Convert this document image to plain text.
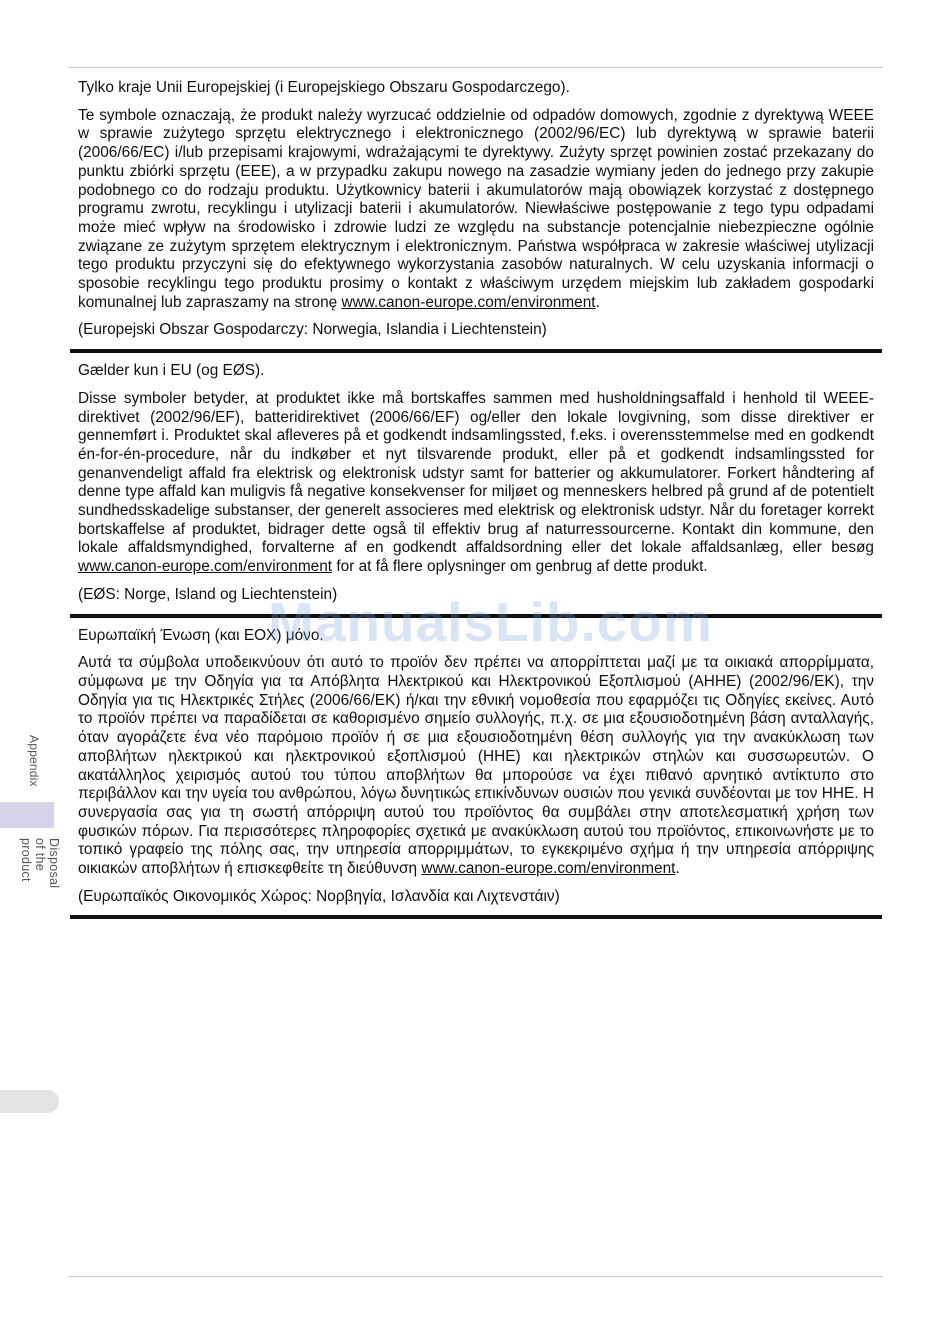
Tylko kraje Unii Europejskiej (i Europejskiego Obszaru Gospodarczego).

Te symbole oznaczają, że produkt należy wyrzucać oddzielnie od odpadów domowych, zgodnie z dyrektywą WEEE w sprawie zużytego sprzętu elektrycznego i elektronicznego (2002/96/EC) lub dyrektywą w sprawie baterii (2006/66/EC) i/lub przepisami krajowymi, wdrażającymi te dyrektywy. Zużyty sprzęt powinien zostać przekazany do punktu zbiórki sprzętu (EEE), a w przypadku zakupu nowego na zasadzie wymiany jeden do jednego przy zakupie podobnego co do rodzaju produktu. Użytkownicy baterii i akumulatorów mają obowiązek korzystać z dostępnego programu zwrotu, recyklingu i utylizacji baterii i akumulatorów. Niewłaściwe postępowanie z tego typu odpadami może mieć wpływ na środowisko i zdrowie ludzi ze względu na substancje potencjalnie niebezpieczne ogólnie związane ze zużytym sprzętem elektrycznym i elektronicznym. Państwa współpraca w zakresie właściwej utylizacji tego produktu przyczyni się do efektywnego wykorzystania zasobów naturalnych. W celu uzyskania informacji o sposobie recyklingu tego produktu prosimy o kontakt z właściwym urzędem miejskim lub zakładem gospodarki komunalnej lub zapraszamy na stronę www.canon-europe.com/environment.

(Europejski Obszar Gospodarczy: Norwegia, Islandia i Liechtenstein)

Gælder kun i EU (og EØS).

Disse symboler betyder, at produktet ikke må bortskaffes sammen med husholdningsaffald i henhold til WEEE-direktivet (2002/96/EF), batteridirektivet (2006/66/EF) og/eller den lokale lovgivning, som disse direktiver er gennemført i. Produktet skal afleveres på et godkendt indsamlingssted, f.eks. i overensstemmelse med en godkendt én-for-én-procedure, når du indkøber et nyt tilsvarende produkt, eller på et godkendt indsamlingssted for genanvendeligt affald fra elektrisk og elektronisk udstyr samt for batterier og akkumulatorer. Forkert håndtering af denne type affald kan muligvis få negative konsekvenser for miljøet og menneskers helbred på grund af de potentielt sundhedsskadelige substanser, der generelt associeres med elektrisk og elektronisk udstyr. Når du foretager korrekt bortskaffelse af produktet, bidrager dette også til effektiv brug af naturressourcerne. Kontakt din kommune, den lokale affaldsmyndighed, forvalterne af en godkendt affaldsordning eller det lokale affaldsanlæg, eller besøg www.canon-europe.com/environment for at få flere oplysninger om genbrug af dette produkt.

(EØS: Norge, Island og Liechtenstein)

Ευρωπαϊκή Ένωση (και ΕΟΧ) μόνο.

Αυτά τα σύμβολα υποδεικνύουν ότι αυτό το προϊόν δεν πρέπει να απορρίπτεται μαζί με τα οικιακά απορρίμματα, σύμφωνα με την Οδηγία για τα Απόβλητα Ηλεκτρικού και Ηλεκτρονικού Εξοπλισμού (ΑΗΗΕ) (2002/96/ΕΚ), την Οδηγία για τις Ηλεκτρικές Στήλες (2006/66/ΕΚ) ή/και την εθνική νομοθεσία που εφαρμόζει τις Οδηγίες εκείνες. Αυτό το προϊόν πρέπει να παραδίδεται σε καθορισμένο σημείο συλλογής, π.χ. σε μια εξουσιοδοτημένη βάση ανταλλαγής, όταν αγοράζετε ένα νέο παρόμοιο προϊόν ή σε μια εξουσιοδοτημένη θέση συλλογής για την ανακύκλωση των αποβλήτων ηλεκτρικού και ηλεκτρονικού εξοπλισμού (ΗΗΕ) και ηλεκτρικών στηλών και συσσωρευτών. Ο ακατάλληλος χειρισμός αυτού του τύπου αποβλήτων θα μπορούσε να έχει πιθανό αρνητικό αντίκτυπο στο περιβάλλον και την υγεία του ανθρώπου, λόγω δυνητικώς επικίνδυνων ουσιών που γενικά συνδέονται με τον ΗΗΕ. Η συνεργασία σας για τη σωστή απόρριψη αυτού του προϊόντος θα συμβάλει στην αποτελεσματική χρήση των φυσικών πόρων. Για περισσότερες πληροφορίες σχετικά με ανακύκλωση αυτού του προϊόντος, επικοινωνήστε με το τοπικό γραφείο της πόλης σας, την υπηρεσία απορριμμάτων, το εγκεκριμένο σχήμα ή την υπηρεσία απόρριψης οικιακών αποβλήτων ή επισκεφθείτε τη διεύθυνση www.canon-europe.com/environment.

(Ευρωπαϊκός Οικονομικός Χώρος: Νορβηγία, Ισλανδία και Λιχτενστάιν)

ManualsLib.com
Appendix
Disposal of the product
